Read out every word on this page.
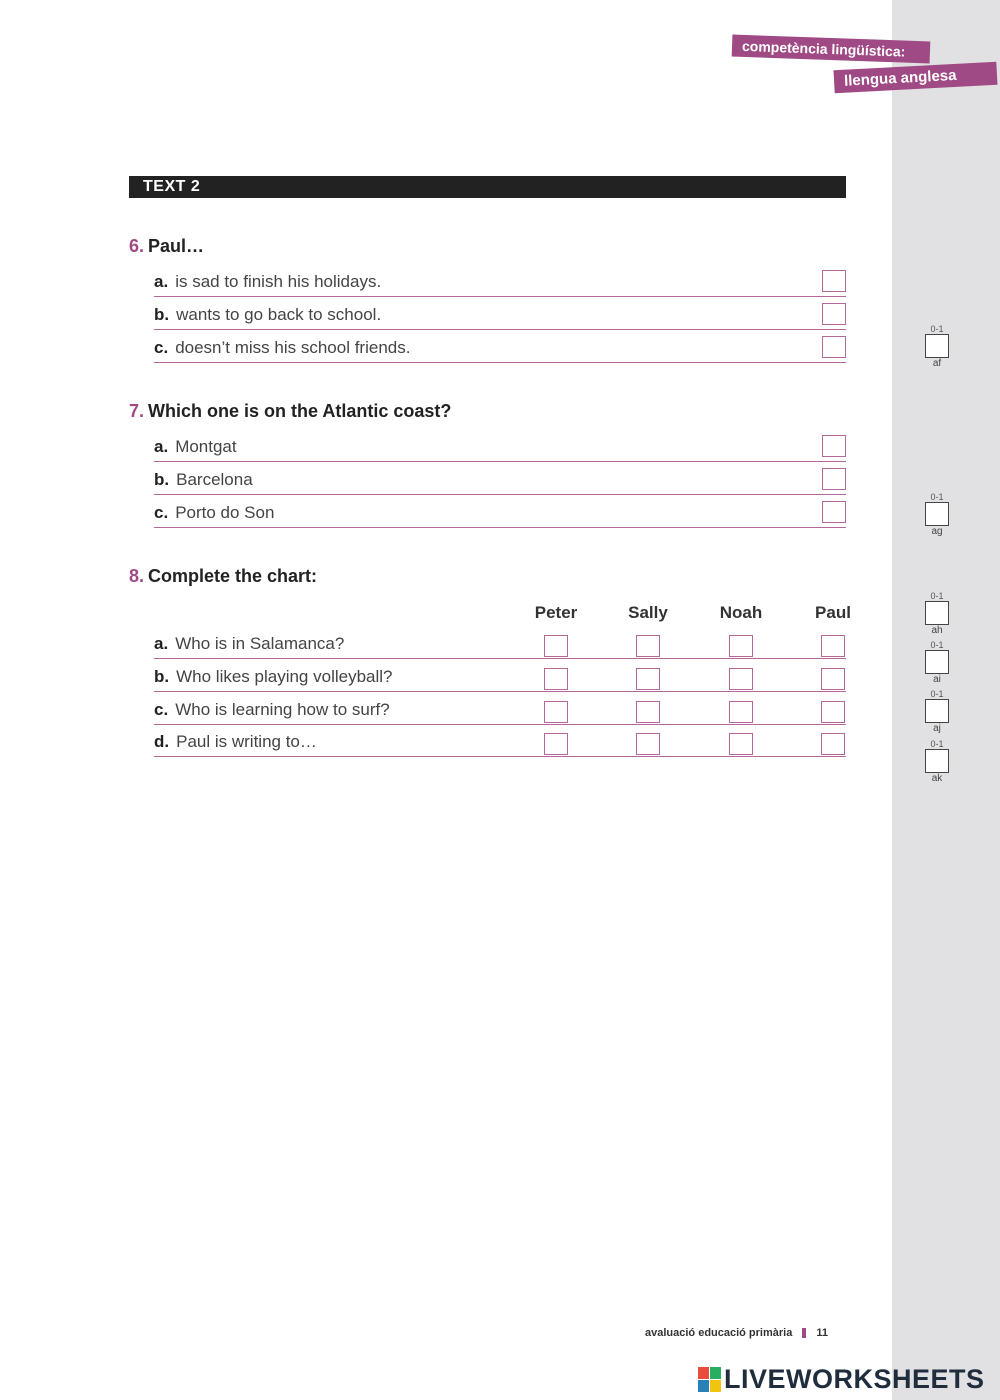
competència lingüística:
llengua anglesa
TEXT 2
6. Paul…
a. is sad to finish his holidays.
b. wants to go back to school.
c. doesn’t miss his school friends.
7. Which one is on the Atlantic coast?
a. Montgat
b. Barcelona
c. Porto do Son
8. Complete the chart:
Peter	Sally	Noah	Paul
a. Who is in Salamanca?
b. Who likes playing volleyball?
c. Who is learning how to surf?
d. Paul is writing to…
0-1
af
0-1
ag
0-1
ah
0-1
ai
0-1
aj
0-1
ak
avaluació educació primària 11
LIVEWORKSHEETS
